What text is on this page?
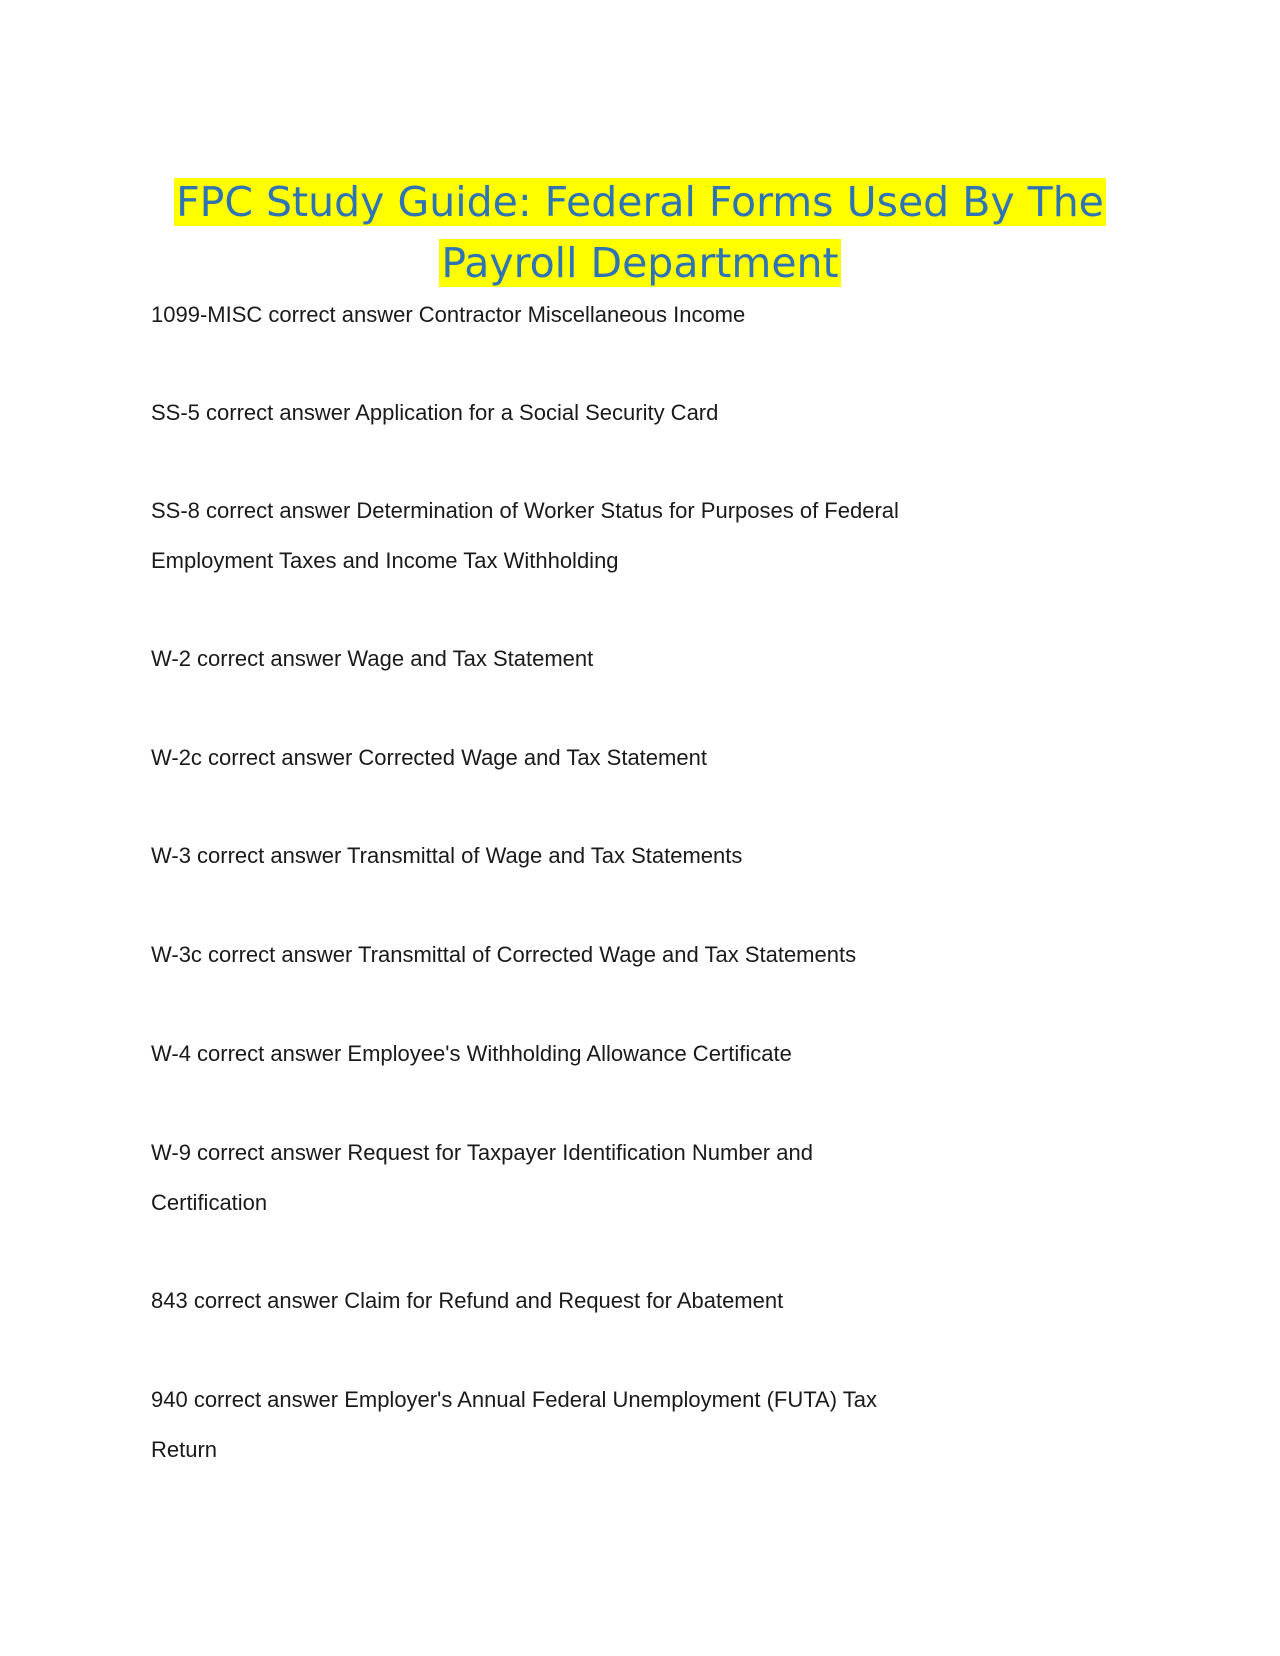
FPC Study Guide: Federal Forms Used By The
Payroll Department
1099-MISC correct answer Contractor Miscellaneous Income
SS-5 correct answer Application for a Social Security Card
SS-8 correct answer Determination of Worker Status for Purposes of Federal
Employment Taxes and Income Tax Withholding
W-2 correct answer Wage and Tax Statement
W-2c correct answer Corrected Wage and Tax Statement
W-3 correct answer Transmittal of Wage and Tax Statements
W-3c correct answer Transmittal of Corrected Wage and Tax Statements
W-4 correct answer Employee's Withholding Allowance Certificate
W-9 correct answer Request for Taxpayer Identification Number and
Certification
843 correct answer Claim for Refund and Request for Abatement
940 correct answer Employer's Annual Federal Unemployment (FUTA) Tax
Return
